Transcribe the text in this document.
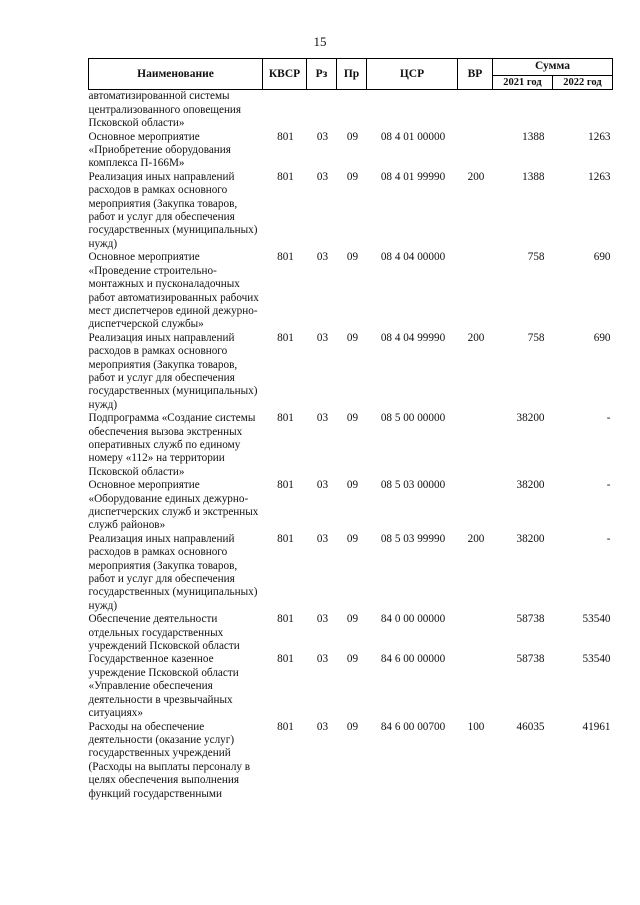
15
Наименование	КВСР	Рз	Пр	ЦСР	ВР	Сумма	
						2021 год	2022 год
автоматизированной системы централизованного оповещения Псковской области»							
Основное мероприятие «Приобретение оборудования комплекса П-166М»	801	03	09	08 4 01 00000		1388	1263
Реализация иных направлений расходов в рамках основного мероприятия (Закупка товаров, работ и услуг для обеспечения государственных (муниципальных) нужд)	801	03	09	08 4 01 99990	200	1388	1263
Основное мероприятие «Проведение строительно-монтажных и пусконаладочных работ автоматизированных рабочих мест диспетчеров единой дежурно-диспетчерской службы»	801	03	09	08 4 04 00000		758	690
Реализация иных направлений расходов в рамках основного мероприятия (Закупка товаров, работ и услуг для обеспечения государственных (муниципальных) нужд)	801	03	09	08 4 04 99990	200	758	690
Подпрограмма «Создание системы обеспечения вызова экстренных оперативных служб по единому номеру «112» на территории Псковской области»	801	03	09	08 5 00 00000		38200	-
Основное мероприятие «Оборудование единых дежурно-диспетчерских служб и экстренных служб районов»	801	03	09	08 5 03 00000		38200	-
Реализация иных направлений расходов в рамках основного мероприятия (Закупка товаров, работ и услуг для обеспечения государственных (муниципальных) нужд)	801	03	09	08 5 03 99990	200	38200	-
Обеспечение деятельности отдельных государственных учреждений Псковской области	801	03	09	84 0 00 00000		58738	53540
Государственное казенное учреждение Псковской области «Управление обеспечения деятельности в чрезвычайных ситуациях»	801	03	09	84 6 00 00000		58738	53540
Расходы на обеспечение деятельности (оказание услуг) государственных учреждений (Расходы на выплаты персоналу в целях обеспечения выполнения функций государственными	801	03	09	84 6 00 00700	100	46035	41961
